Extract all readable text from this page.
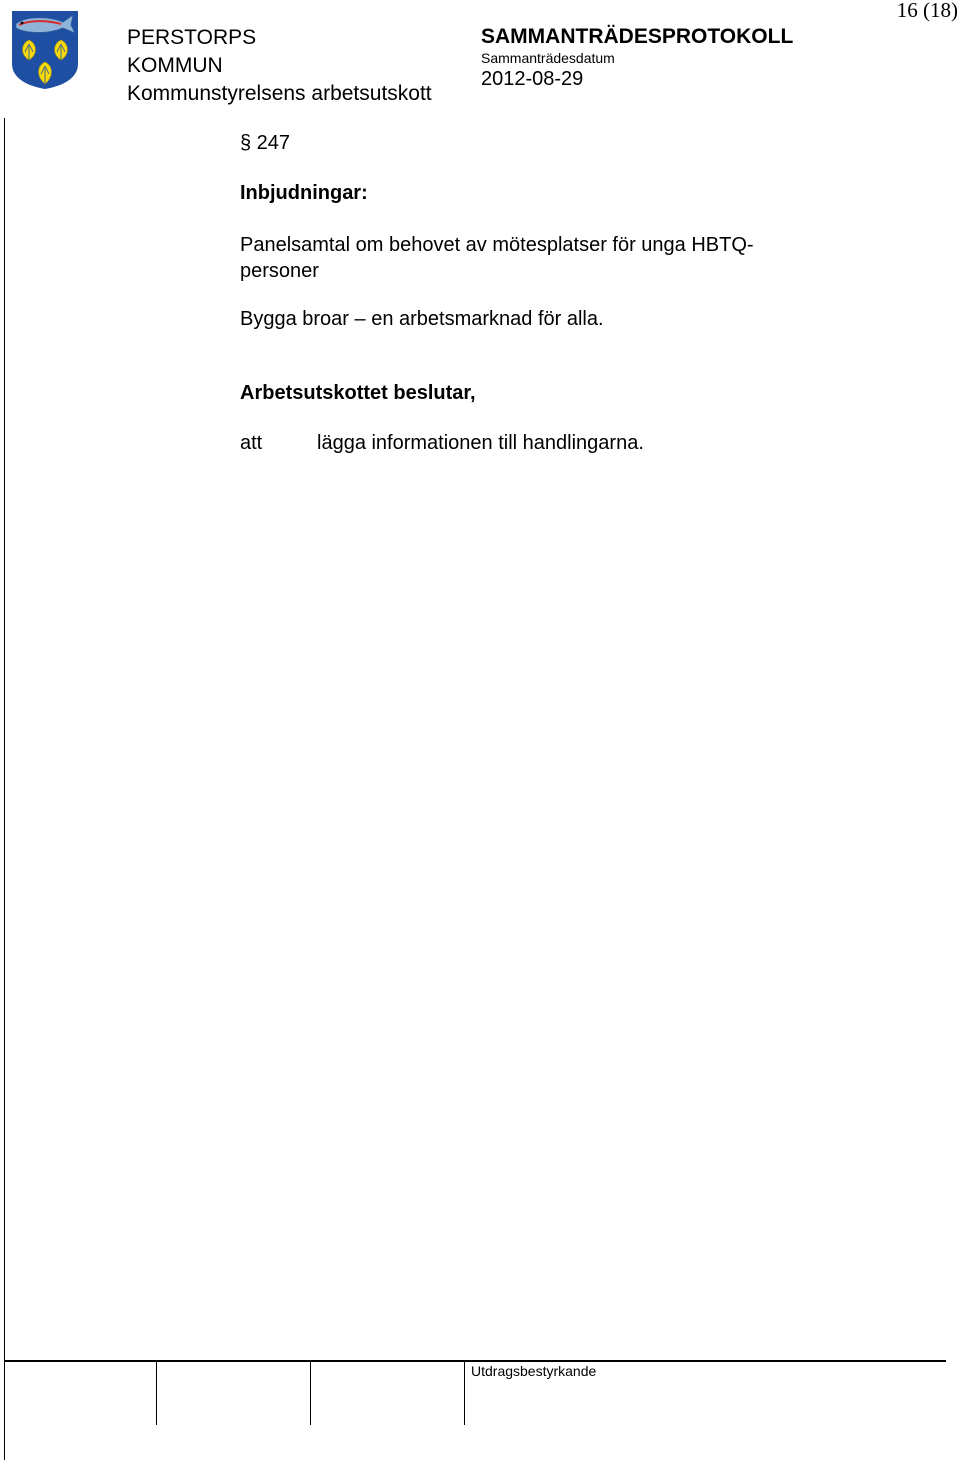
16 (18)
PERSTORPS
KOMMUN
Kommunstyrelsens arbetsutskott
SAMMANTRÄDESPROTOKOLL
Sammanträdesdatum
2012-08-29
§ 247
Inbjudningar:
Panelsamtal om behovet av mötesplatser för unga HBTQ-personer
Bygga broar – en arbetsmarknad för alla.
Arbetsutskottet beslutar,
att	lägga informationen till handlingarna.
Utdragsbestyrkande
